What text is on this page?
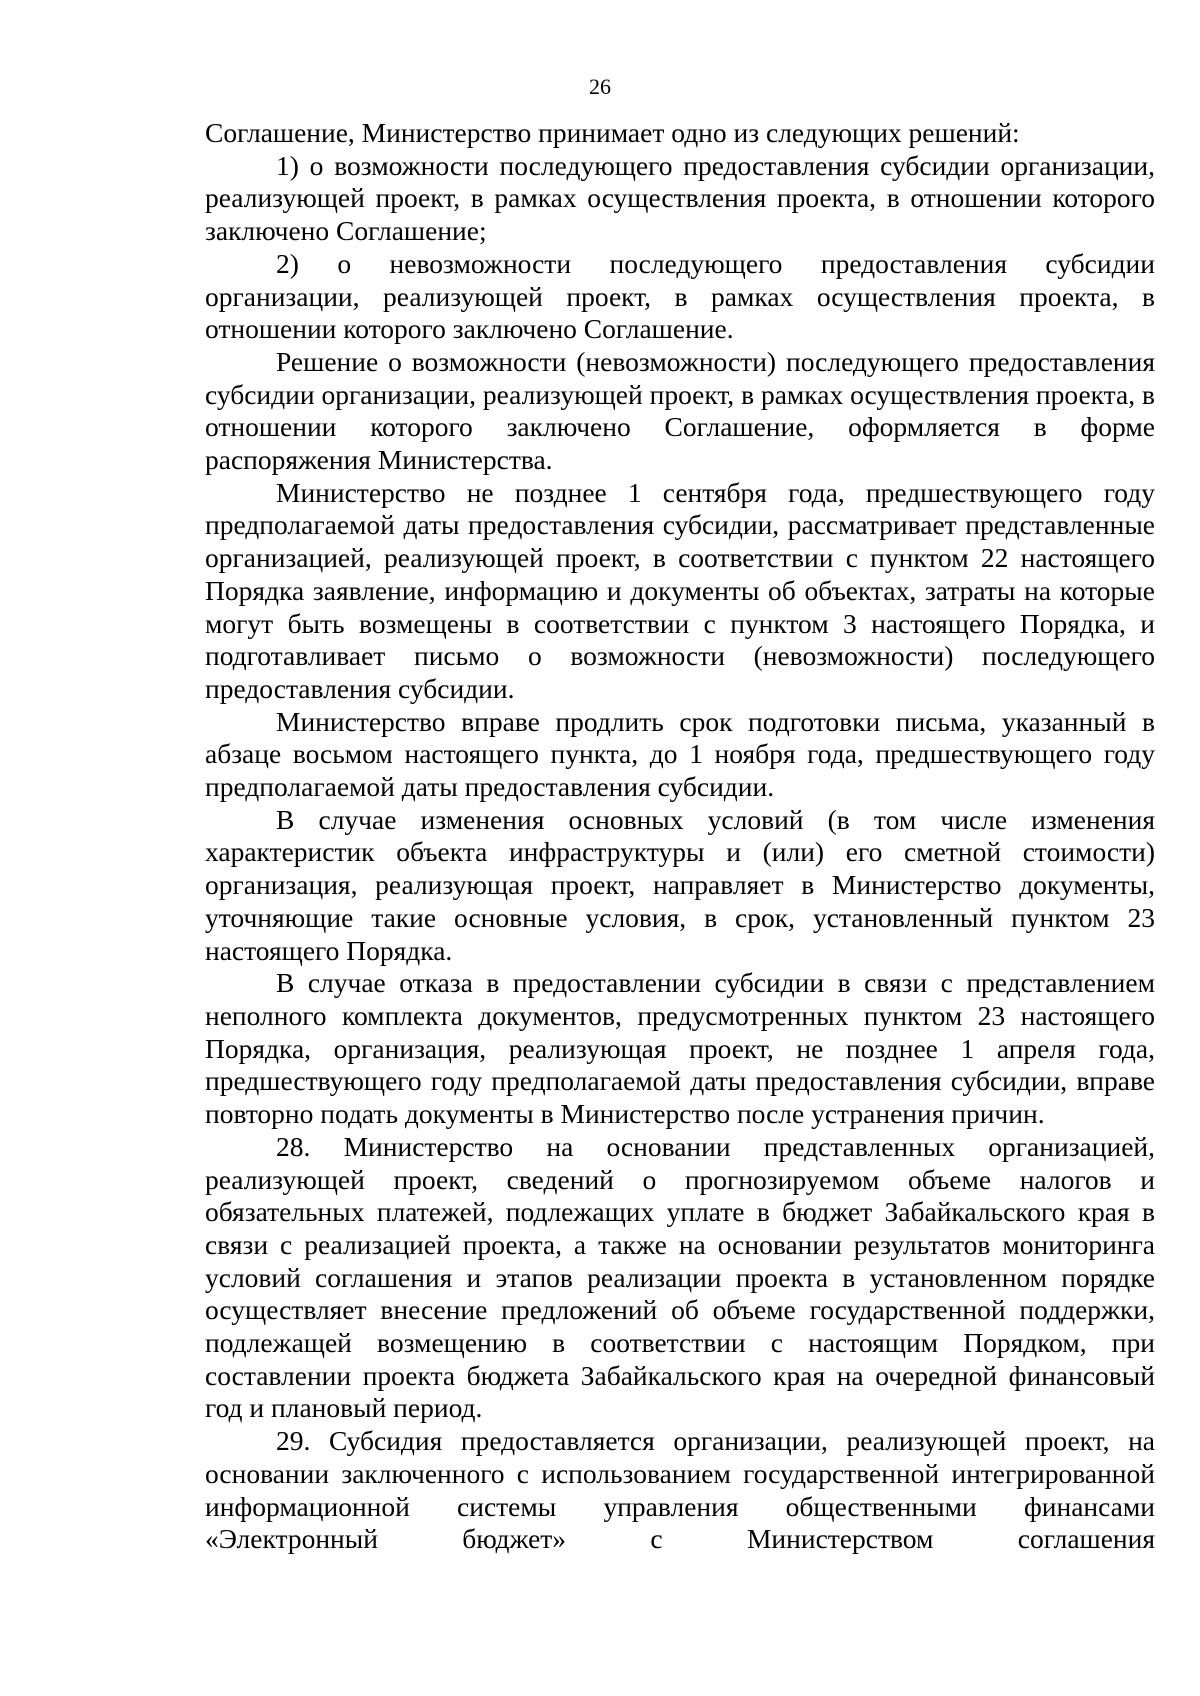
26

Соглашение, Министерство принимает одно из следующих решений:

1) о возможности последующего предоставления субсидии организации, реализующей проект, в рамках осуществления проекта, в отношении которого заключено Соглашение;

2) о невозможности последующего предоставления субсидии организации, реализующей проект, в рамках осуществления проекта, в отношении которого заключено Соглашение.

Решение о возможности (невозможности) последующего предоставления субсидии организации, реализующей проект, в рамках осуществления проекта, в отношении которого заключено Соглашение, оформляется в форме распоряжения Министерства.

Министерство не позднее 1 сентября года, предшествующего году предполагаемой даты предоставления субсидии, рассматривает представленные организацией, реализующей проект, в соответствии с пунктом 22 настоящего Порядка заявление, информацию и документы об объектах, затраты на которые могут быть возмещены в соответствии с пунктом 3 настоящего Порядка, и подготавливает письмо о возможности (невозможности) последующего предоставления субсидии.

Министерство вправе продлить срок подготовки письма, указанный в абзаце восьмом настоящего пункта, до 1 ноября года, предшествующего году предполагаемой даты предоставления субсидии.

В случае изменения основных условий (в том числе изменения характеристик объекта инфраструктуры и (или) его сметной стоимости) организация, реализующая проект, направляет в Министерство документы, уточняющие такие основные условия, в срок, установленный пунктом 23 настоящего Порядка.

В случае отказа в предоставлении субсидии в связи с представлением неполного комплекта документов, предусмотренных пунктом 23 настоящего Порядка, организация, реализующая проект, не позднее 1 апреля года, предшествующего году предполагаемой даты предоставления субсидии, вправе повторно подать документы в Министерство после устранения причин.

28. Министерство на основании представленных организацией, реализующей проект, сведений о прогнозируемом объеме налогов и обязательных платежей, подлежащих уплате в бюджет Забайкальского края в связи с реализацией проекта, а также на основании результатов мониторинга условий соглашения и этапов реализации проекта в установленном порядке осуществляет внесение предложений об объеме государственной поддержки, подлежащей возмещению в соответствии с настоящим Порядком, при составлении проекта бюджета Забайкальского края на очередной финансовый год и плановый период.

29. Субсидия предоставляется организации, реализующей проект, на основании заключенного с использованием государственной интегрированной информационной системы управления общественными финансами «Электронный бюджет» с Министерством соглашения
